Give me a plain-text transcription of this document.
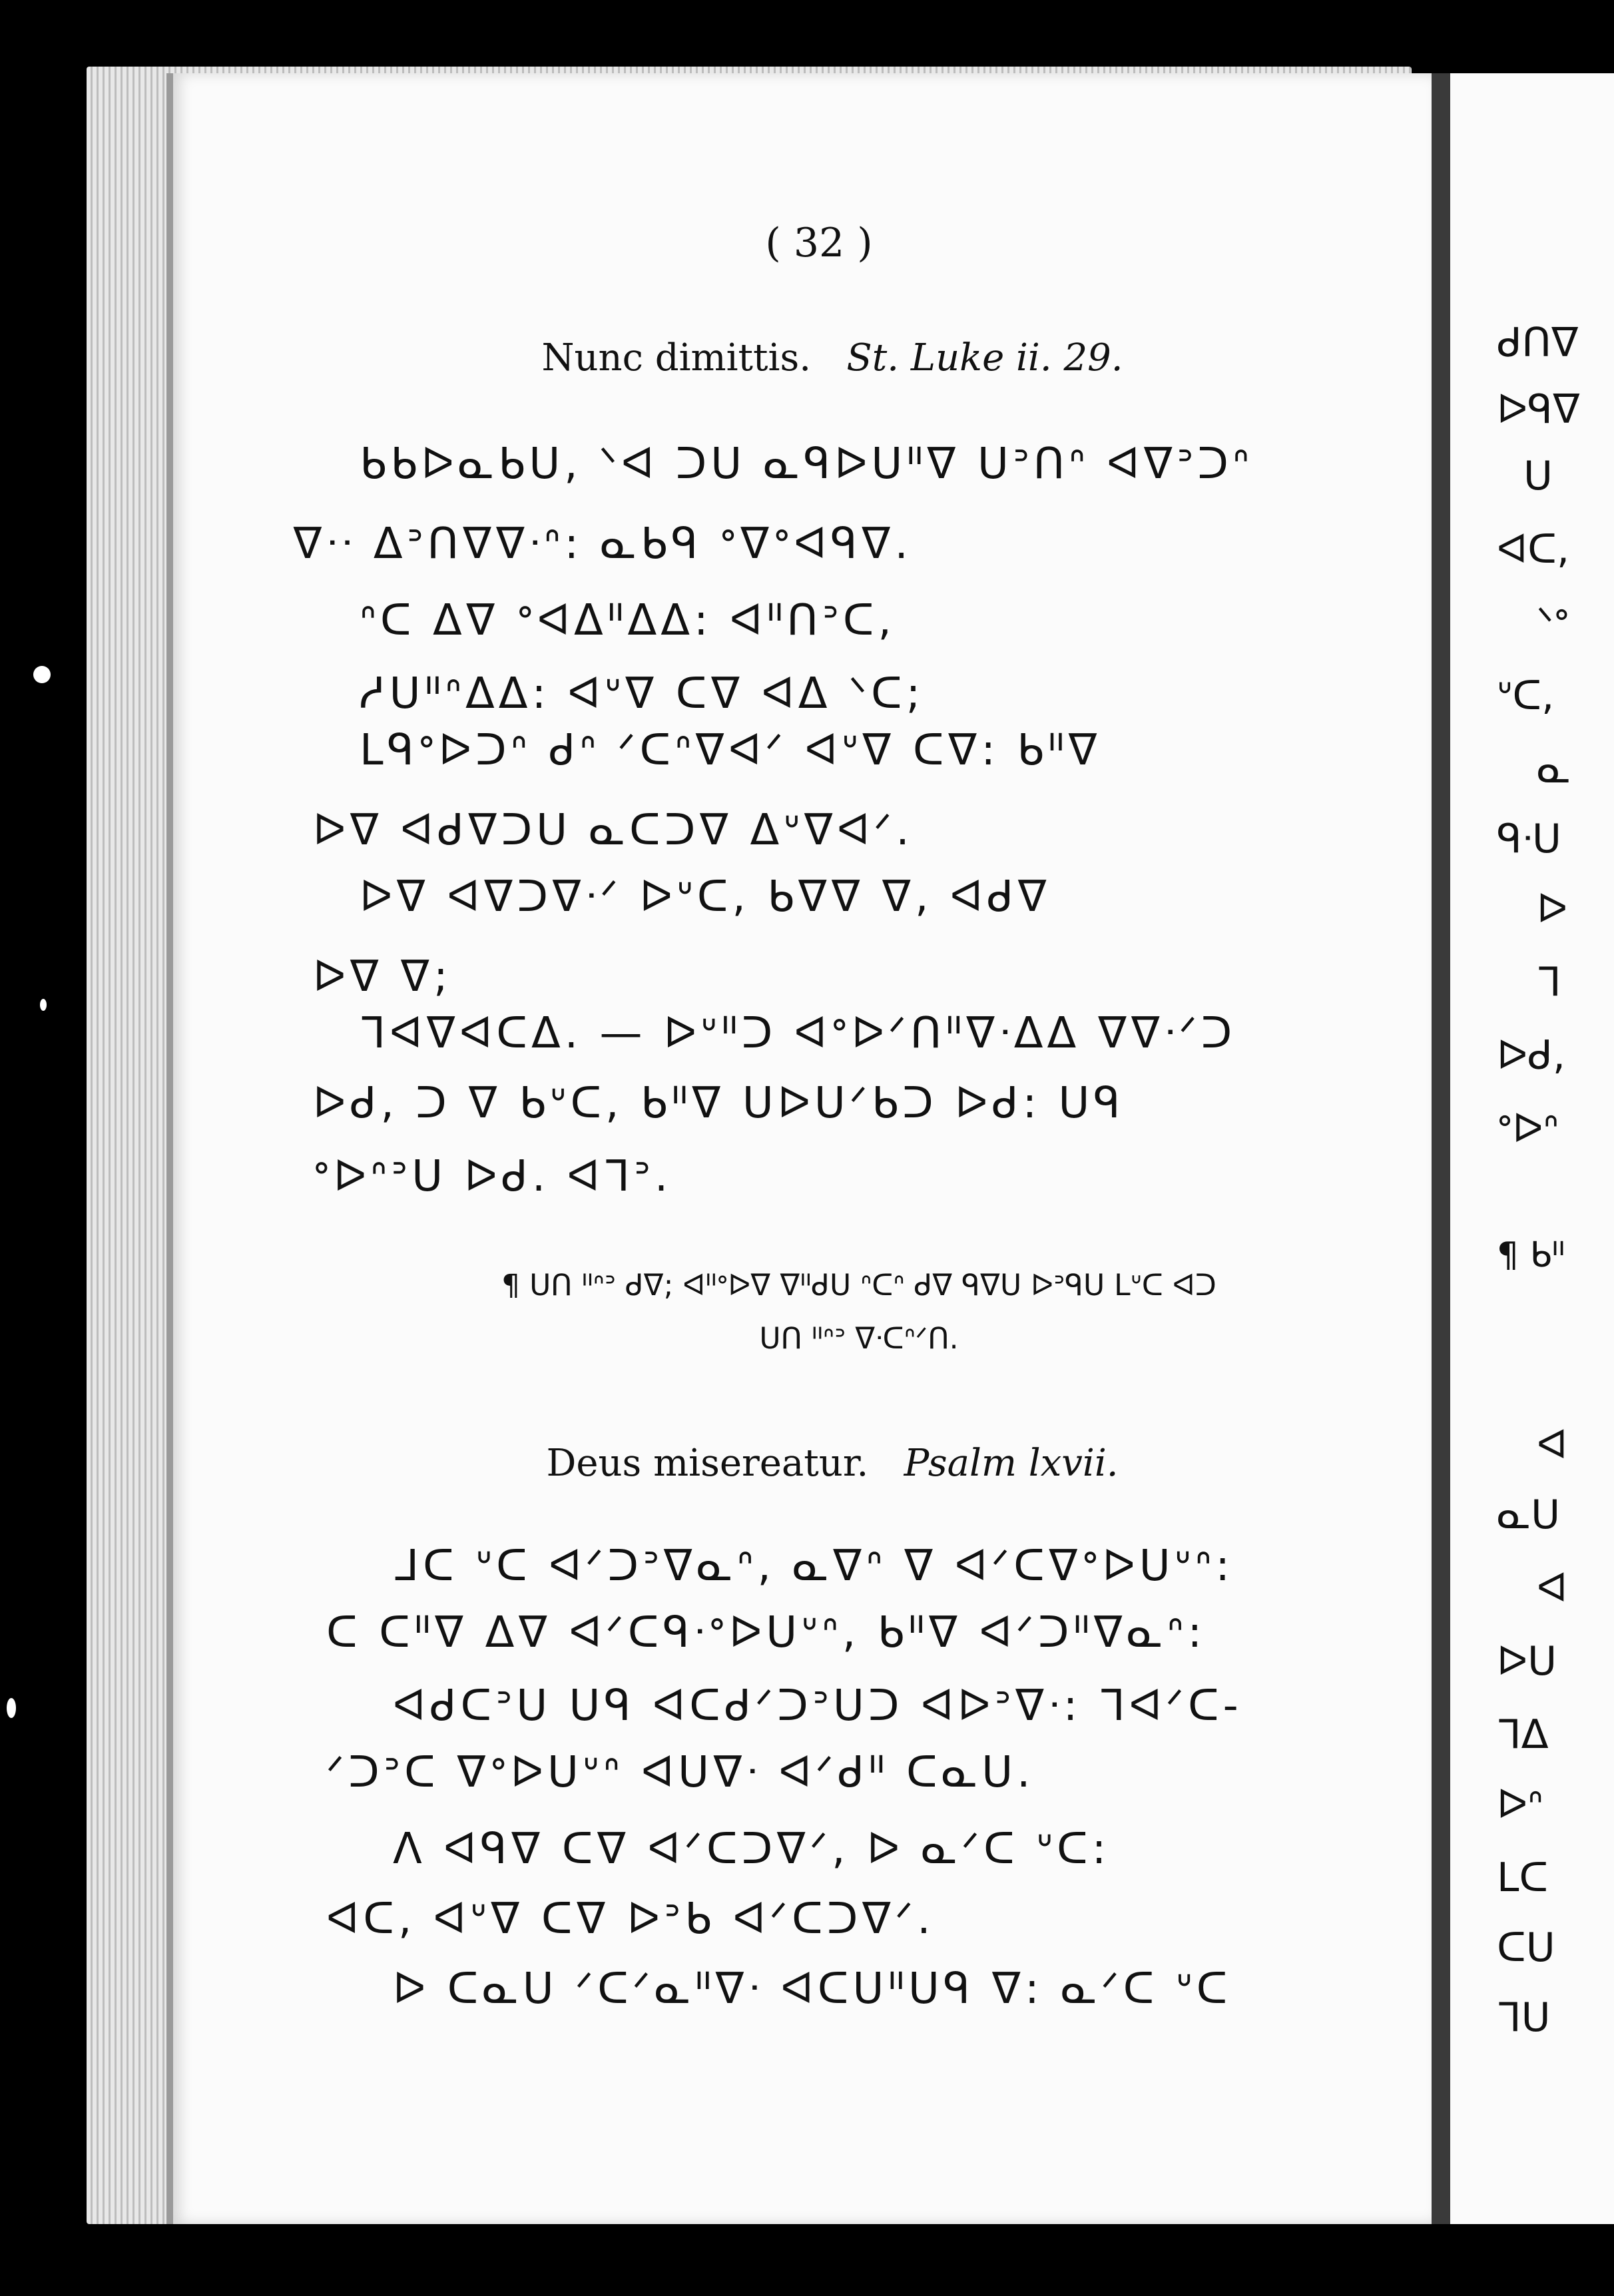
( 32 )
Nunc dimittis. St. Luke ii. 29.
ᑲᑲᐅᓇᑲᑌ, ᐠᐊ ᑐᑌ ᓇᑫᐅᑌᐦᐁ ᑌᐣᑎᐢ ᐊᐁᐣᑐᐢ
ᐁᐧᐧ ᐃᐣᑎᐁᐁᐧᐢ: ᓇᑲᑫ ᐤᐁᐤᐊᑫᐁ.
ᐢᑕ ᐃᐁ ᐤᐊᐃᐦᐃᐃ: ᐊᐦᑎᐣᑕ,
ᓱᑌᐦᐢᐃᐃ: ᐊᐡᐁ ᑕᐁ ᐊᐃ ᐠᑕ;
ᒪᑫᐤᐅᑐᐢ ᑯᐢ ᐟᑕᐢᐁᐊᐟ ᐊᐡᐁ ᑕᐁ: ᑲᐦᐁ
ᐅᐁ ᐊᑯᐁᑐᑌ ᓇᑕᑐᐁ ᐃᐡᐁᐊᐟ.
ᐅᐁ ᐊᐁᑐᐁᐧᐟ ᐅᐡᑕ, ᑲᐁᐁ ᐁ, ᐊᑯᐁ
ᐅᐁ ᐁ;
ᒣᐊᐁᐊᑕᐃ. — ᐅᐡᐦᑐ ᐊᐤᐅᐟᑎᐦᐁᐧᐃᐃ ᐁᐁᐧᐟᑐ
ᐅᑯ, ᑐ ᐁ ᑲᐡᑕ, ᑲᐦᐁ ᑌᐅᑌᐟᑲᑐ ᐅᑯ: ᑌᑫ
ᐤᐅᐢᐣᑌ ᐅᑯ. ᐊᒣᐣ.
¶ ᑌᑎ ᐦᐢᐣ ᑯᐁ; ᐊᐦᐤᐅᐁ ᐁᐦᑯᑌ ᐢᑕᐢ ᑯᐁ ᑫᐁᑌ ᐅᐣᑫᑌ ᒪᐡᑕ ᐊᑐ
ᑌᑎ ᐦᐢᐣ ᐁᐧᑕᐢᐟᑎ.
Deus misereatur. Psalm lxvii.
ᒧᑕ ᐡᑕ ᐊᐟᑐᐣᐁᓇᐢ, ᓇᐁᐢ ᐁ ᐊᐟᑕᐁᐤᐅᑌᐡᐢ:
ᑕ ᑕᐦᐁ ᐃᐁ ᐊᐟᑕᑫᐧᐤᐅᑌᐡᐢ, ᑲᐦᐁ ᐊᐟᑐᐦᐁᓇᐢ:
ᐊᑯᑕᐣᑌ ᑌᑫ ᐊᑕᑯᐟᑐᐣᑌᑐ ᐊᐅᐣᐁᐧ: ᒣᐊᐟᑕ-
ᐟᑐᐣᑕ ᐁᐤᐅᑌᐡᐢ ᐊᑌᐁᐧ ᐊᐟᑯᐦ ᑕᓇᑌ.
ᐱ ᐊᑫᐁ ᑕᐁ ᐊᐟᑕᑐᐁᐟ, ᐅ ᓇᐟᑕ ᐡᑕ:
ᐊᑕ, ᐊᐡᐁ ᑕᐁ ᐅᐣᑲ ᐊᐟᑕᑐᐁᐟ.
ᐅ ᑕᓇᑌ ᐟᑕᐟᓇᐦᐁᐧ ᐊᑕᑌᐦᑌᑫ ᐁ: ᓇᐟᑕ ᐡᑕ
ᑯᑎᐁ
ᐅᑫᐁ
ᑌ
ᐊᑕ,
ᐠᐤ
ᐡᑕ,
ᓇ
ᑫᐧᑌ
ᐅ
ᒣ
ᐅᑯ,
ᐤᐅᐢ
¶ ᑲᐦ
ᐊ
ᓇᑌ
ᐊ
ᐅᑌ
ᒣᐃ
ᐅᐢ
ᒪᑕ
ᑕᑌ
ᒣᑌ
